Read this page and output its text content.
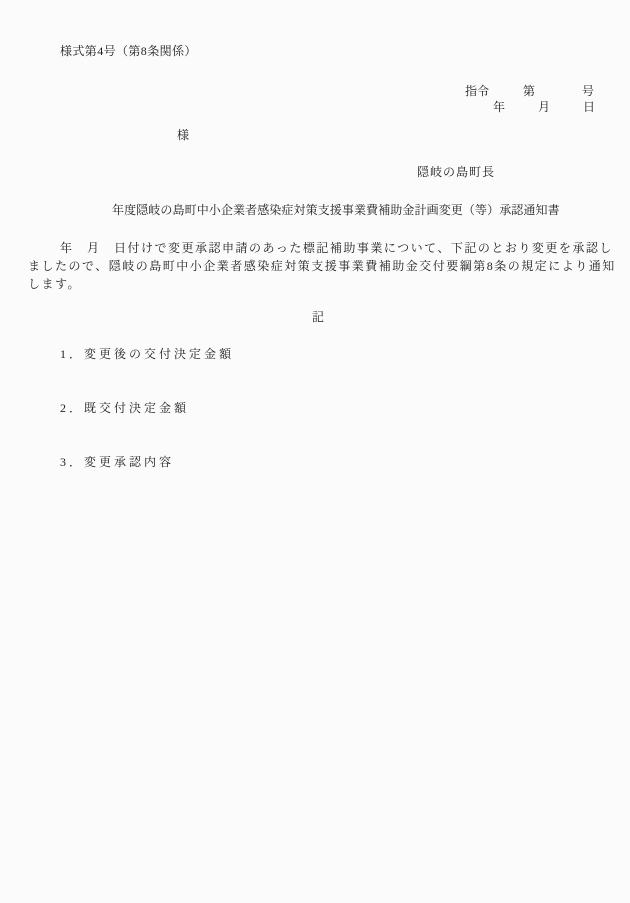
様式第4号（第8条関係）

指令

	第

	号

年

	月

	日

様
隠岐の島町長
年度隠岐の島町中小企業者感染症対策支援事業費補助金計画変更（等）承認通知書
年　月　日付けで変更承認申請のあった標記補助事業について、下記のとおり変更を承認し
ましたので、隠岐の島町中小企業者感染症対策支援事業費補助金交付要綱第8条の規定により通知
します。
記
1．変更後の交付決定金額
2．既交付決定金額
3．変更承認内容
